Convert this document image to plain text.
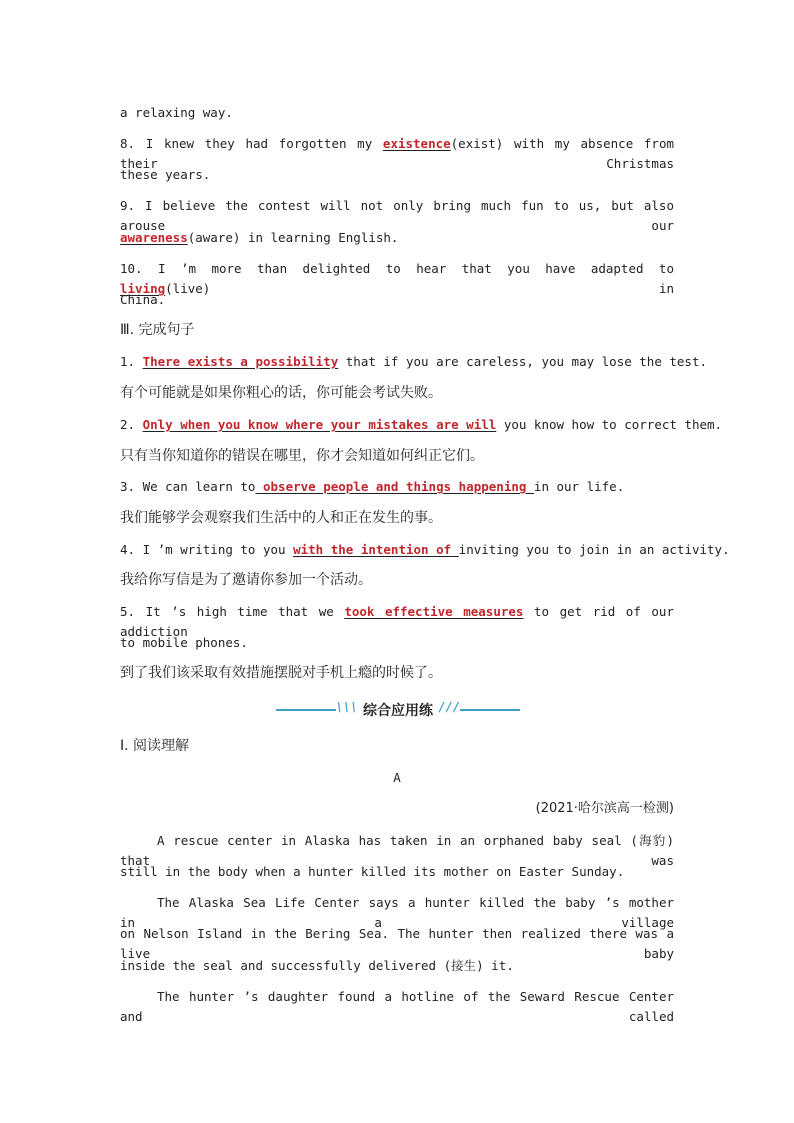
a relaxing way.
8. I knew they had forgotten my existence(exist) with my absence from their Christmas
these years.
9. I believe the contest will not only bring much fun to us, but also arouse our
awareness(aware) in learning English.
10. I ’m more than delighted to hear that you have adapted to living(live) in
China.
Ⅲ. 完成句子
1. There exists a possibility that if you are careless, you may lose the test.
有个可能就是如果你粗心的话，你可能会考试失败。
2. Only when you know where your mistakes are will you know how to correct them.
只有当你知道你的错误在哪里，你才会知道如何纠正它们。
3. We can learn to observe people and things happening in our life.
我们能够学会观察我们生活中的人和正在发生的事。
4. I ’m writing to you with the intention of inviting you to join in an activity.
我给你写信是为了邀请你参加一个活动。
5. It ’s high time that we took effective measures to get rid of our addiction
to mobile phones.
到了我们该采取有效措施摆脱对手机上瘾的时候了。
\\\ 综合应用练 ///
Ⅰ. 阅读理解
A
(2021·哈尔滨高一检测)
A rescue center in Alaska has taken in an orphaned baby seal (海豹) that was
still in the body when a hunter killed its mother on Easter Sunday.
The Alaska Sea Life Center says a hunter killed the baby ’s mother in a village
on Nelson Island in the Bering Sea. The hunter then realized there was a live baby
inside the seal and successfully delivered (接生) it.
The hunter ’s daughter found a hotline of the Seward Rescue Center and called
